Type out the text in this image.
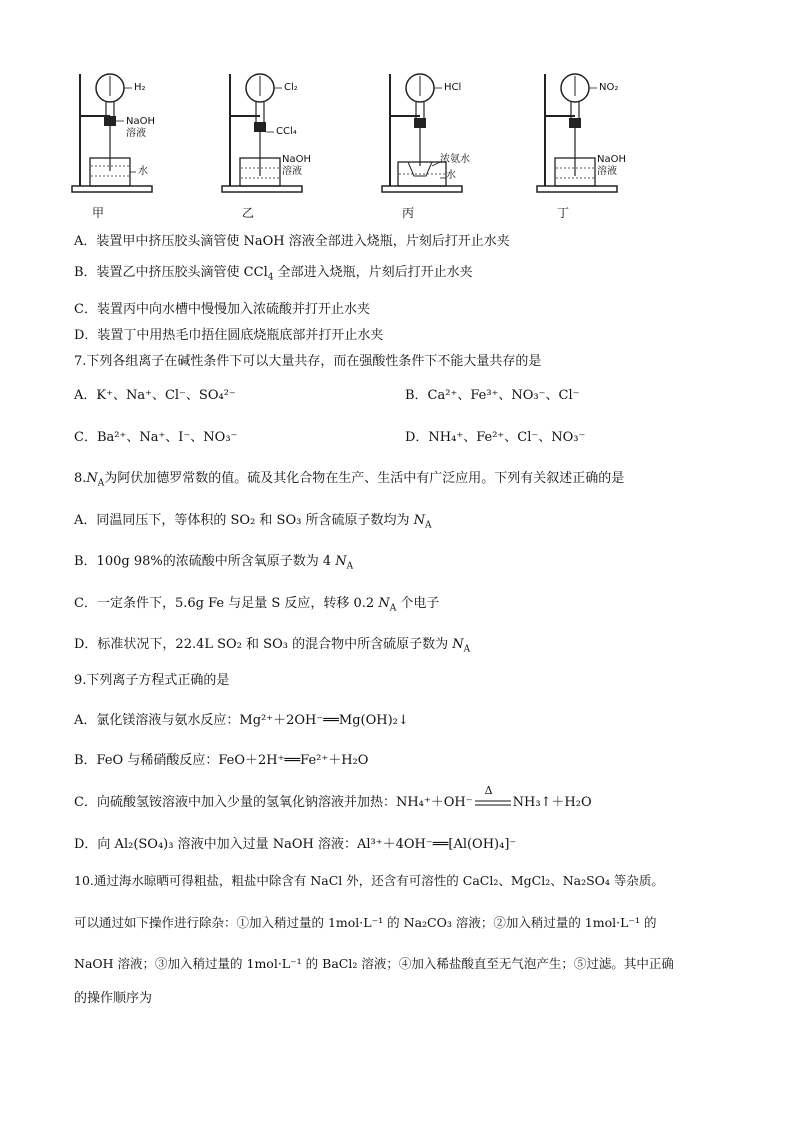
H₂
NaOH
溶液
水
甲
Cl₂
CCl₄
NaOH
溶液
乙
HCl
浓氨水
水
丙
NO₂
NaOH
溶液
丁
A．装置甲中挤压胶头滴管使 NaOH 溶液全部进入烧瓶，片刻后打开止水夹
B．装置乙中挤压胶头滴管使 CCl$_4$ 全部进入烧瓶，片刻后打开止水夹
C．装置丙中向水槽中慢慢加入浓硫酸并打开止水夹
D．装置丁中用热毛巾捂住圆底烧瓶底部并打开止水夹
7.下列各组离子在碱性条件下可以大量共存，而在强酸性条件下不能大量共存的是
A．K⁺、Na⁺、Cl⁻、SO₄²⁻	B．Ca²⁺、Fe³⁺、NO₃⁻、Cl⁻
C．Ba²⁺、Na⁺、I⁻、NO₃⁻	D．NH₄⁺、Fe²⁺、Cl⁻、NO₃⁻
$8.N_A$为阿伏加德罗常数的值。硫及其化合物在生产、生活中有广泛应用。下列有关叙述正确的是
A．同温同压下，等体积的 SO₂ 和 SO₃ 所含硫原子数均为 $N_A$
B．100g 98%的浓硫酸中所含氧原子数为 4 $N_A$
C．一定条件下，5.6g Fe 与足量 S 反应，转移 0.2 $N_A$ 个电子
D．标准状况下，22.4L SO₂ 和 SO₃ 的混合物中所含硫原子数为 $N_A$
9.下列离子方程式正确的是
A．氯化镁溶液与氨水反应：Mg²⁺＋2OH⁻══Mg(OH)₂↓
B．FeO 与稀硝酸反应：FeO＋2H⁺══Fe²⁺＋H₂O
C．向硫酸氢铵溶液中加入少量的氢氧化钠溶液并加热：NH₄⁺＋OH⁻
Δ
NH₃↑＋H₂O
D．向 Al₂(SO₄)₃ 溶液中加入过量 NaOH 溶液：Al³⁺＋4OH⁻══[Al(OH)₄]⁻
10.通过海水晾晒可得粗盐，粗盐中除含有 NaCl 外，还含有可溶性的 CaCl₂、MgCl₂、Na₂SO₄ 等杂质。
可以通过如下操作进行除杂：①加入稍过量的 1mol·L⁻¹ 的 Na₂CO₃ 溶液；②加入稍过量的 1mol·L⁻¹ 的
NaOH 溶液；③加入稍过量的 1mol·L⁻¹ 的 BaCl₂ 溶液；④加入稀盐酸直至无气泡产生；⑤过滤。其中正确
的操作顺序为
